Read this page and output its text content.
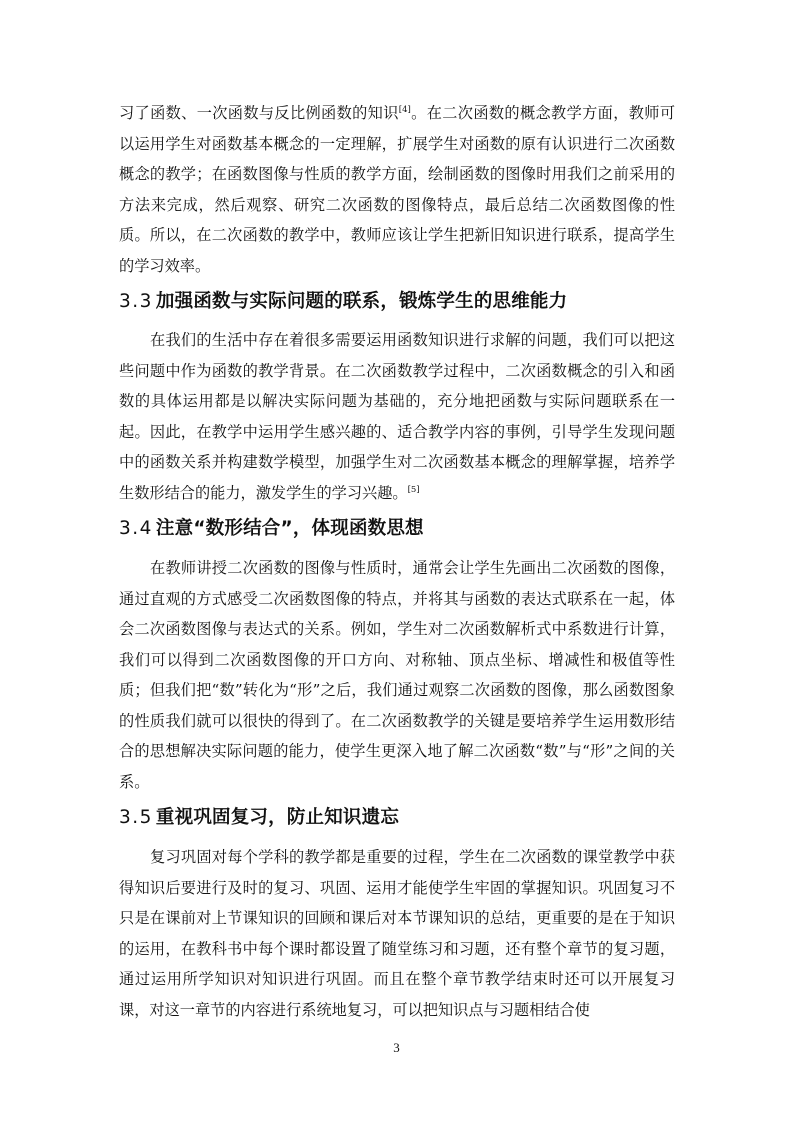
习了函数、一次函数与反比例函数的知识[4]。在二次函数的概念教学方面，教师可以运用学生对函数基本概念的一定理解，扩展学生对函数的原有认识进行二次函数概念的教学；在函数图像与性质的教学方面，绘制函数的图像时用我们之前采用的方法来完成，然后观察、研究二次函数的图像特点，最后总结二次函数图像的性质。所以，在二次函数的教学中，教师应该让学生把新旧知识进行联系，提高学生的学习效率。

3.3 加强函数与实际问题的联系，锻炼学生的思维能力

在我们的生活中存在着很多需要运用函数知识进行求解的问题，我们可以把这些问题中作为函数的教学背景。在二次函数教学过程中，二次函数概念的引入和函数的具体运用都是以解决实际问题为基础的，充分地把函数与实际问题联系在一起。因此，在教学中运用学生感兴趣的、适合教学内容的事例，引导学生发现问题中的函数关系并构建数学模型，加强学生对二次函数基本概念的理解掌握，培养学生数形结合的能力，激发学生的学习兴趣。[5]

3.4 注意“数形结合”，体现函数思想

在教师讲授二次函数的图像与性质时，通常会让学生先画出二次函数的图像，通过直观的方式感受二次函数图像的特点，并将其与函数的表达式联系在一起，体会二次函数图像与表达式的关系。例如，学生对二次函数解析式中系数进行计算，我们可以得到二次函数图像的开口方向、对称轴、顶点坐标、增减性和极值等性质；但我们把“数”转化为“形”之后，我们通过观察二次函数的图像，那么函数图象的性质我们就可以很快的得到了。在二次函数教学的关键是要培养学生运用数形结合的思想解决实际问题的能力，使学生更深入地了解二次函数“数”与“形”之间的关系。

3.5 重视巩固复习，防止知识遗忘

复习巩固对每个学科的教学都是重要的过程，学生在二次函数的课堂教学中获得知识后要进行及时的复习、巩固、运用才能使学生牢固的掌握知识。巩固复习不只是在课前对上节课知识的回顾和课后对本节课知识的总结，更重要的是在于知识的运用，在教科书中每个课时都设置了随堂练习和习题，还有整个章节的复习题，通过运用所学知识对知识进行巩固。而且在整个章节教学结束时还可以开展复习课，对这一章节的内容进行系统地复习，可以把知识点与习题相结合使

3
